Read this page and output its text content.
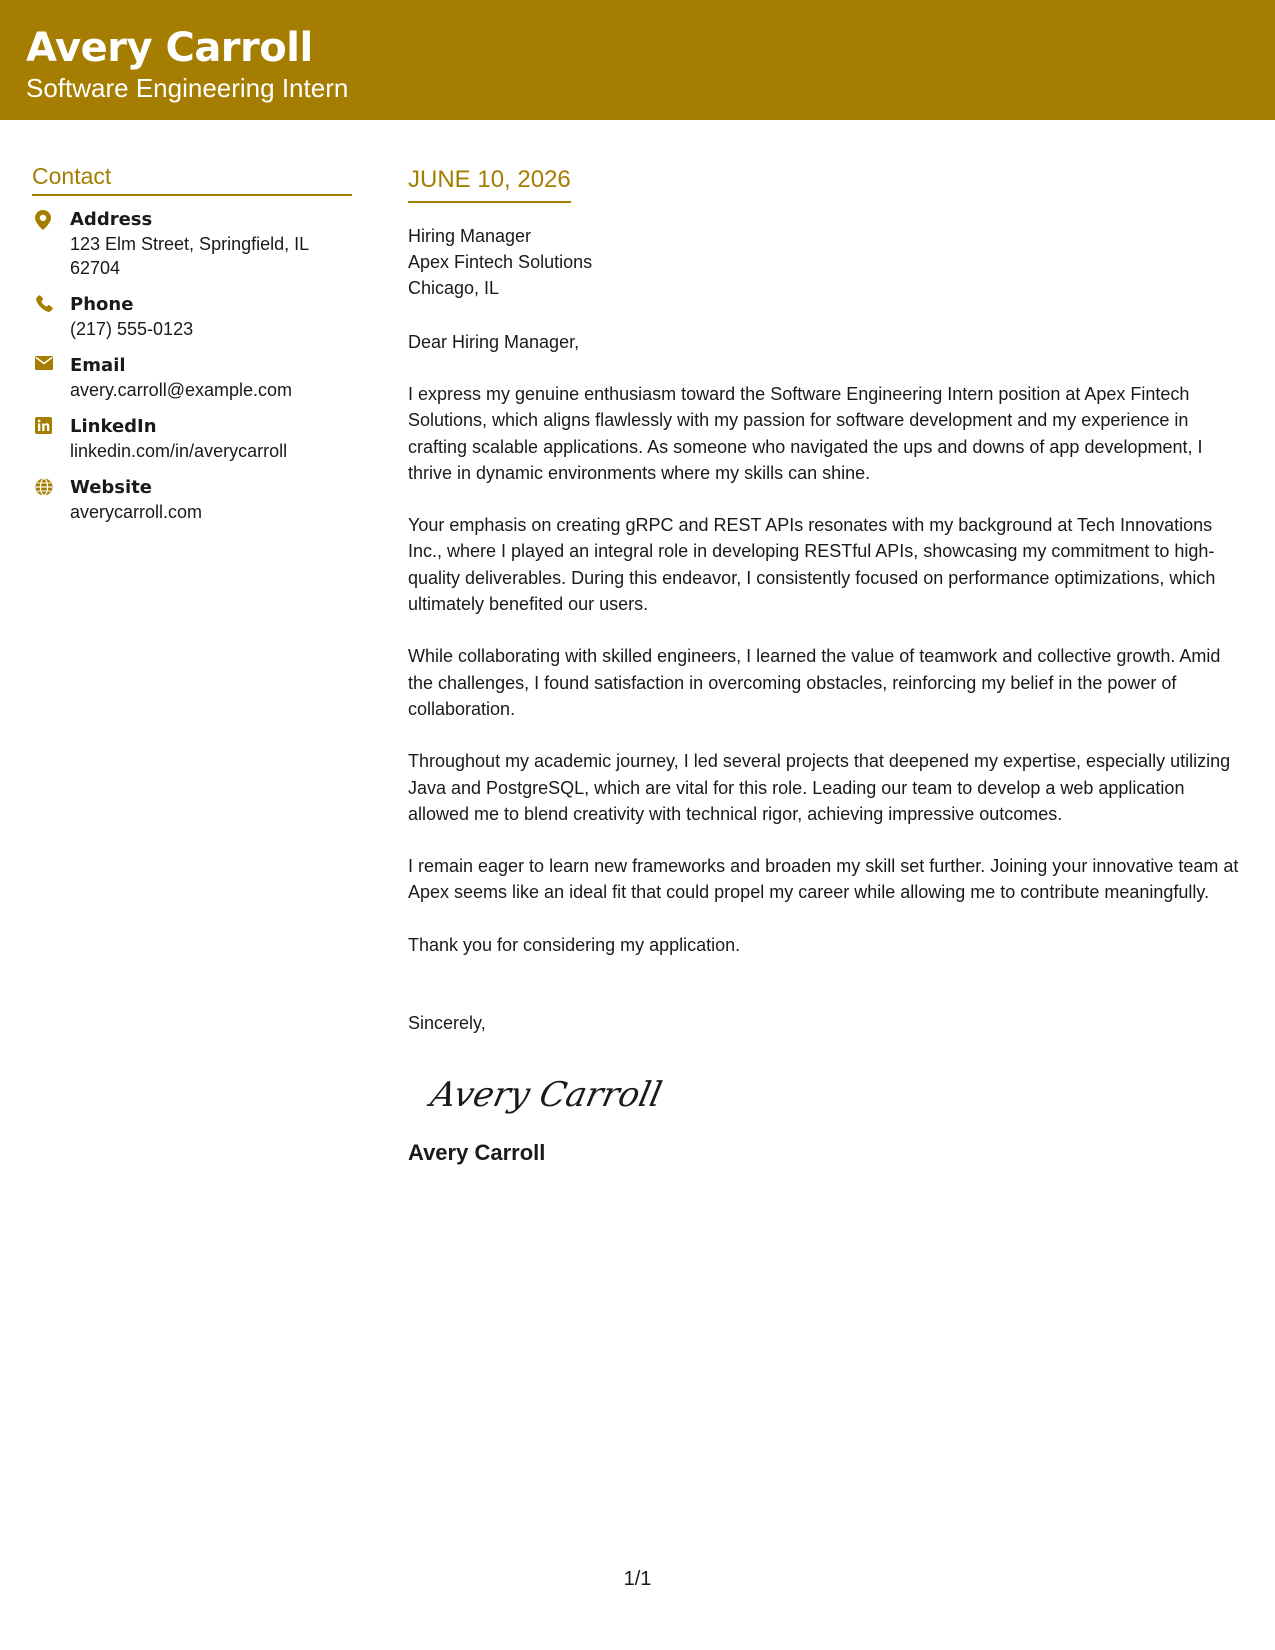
Avery Carroll
Software Engineering Intern
Contact
Address
123 Elm Street, Springfield, IL 62704
Phone
(217) 555-0123
Email
avery.carroll@example.com
LinkedIn
linkedin.com/in/averycarroll
Website
averycarroll.com
JUNE 10, 2026
Hiring Manager
Apex Fintech Solutions
Chicago, IL
Dear Hiring Manager,

I express my genuine enthusiasm toward the Software Engineering Intern position at Apex Fintech Solutions, which aligns flawlessly with my passion for software development and my experience in crafting scalable applications. As someone who navigated the ups and downs of app development, I thrive in dynamic environments where my skills can shine.

Your emphasis on creating gRPC and REST APIs resonates with my background at Tech Innovations Inc., where I played an integral role in developing RESTful APIs, showcasing my commitment to high-quality deliverables. During this endeavor, I consistently focused on performance optimizations, which ultimately benefited our users.

While collaborating with skilled engineers, I learned the value of teamwork and collective growth. Amid the challenges, I found satisfaction in overcoming obstacles, reinforcing my belief in the power of collaboration.

Throughout my academic journey, I led several projects that deepened my expertise, especially utilizing Java and PostgreSQL, which are vital for this role. Leading our team to develop a web application allowed me to blend creativity with technical rigor, achieving impressive outcomes.

I remain eager to learn new frameworks and broaden my skill set further. Joining your innovative team at Apex seems like an ideal fit that could propel my career while allowing me to contribute meaningfully.

Thank you for considering my application.

Sincerely,
Avery Carroll
Avery Carroll
1/1
